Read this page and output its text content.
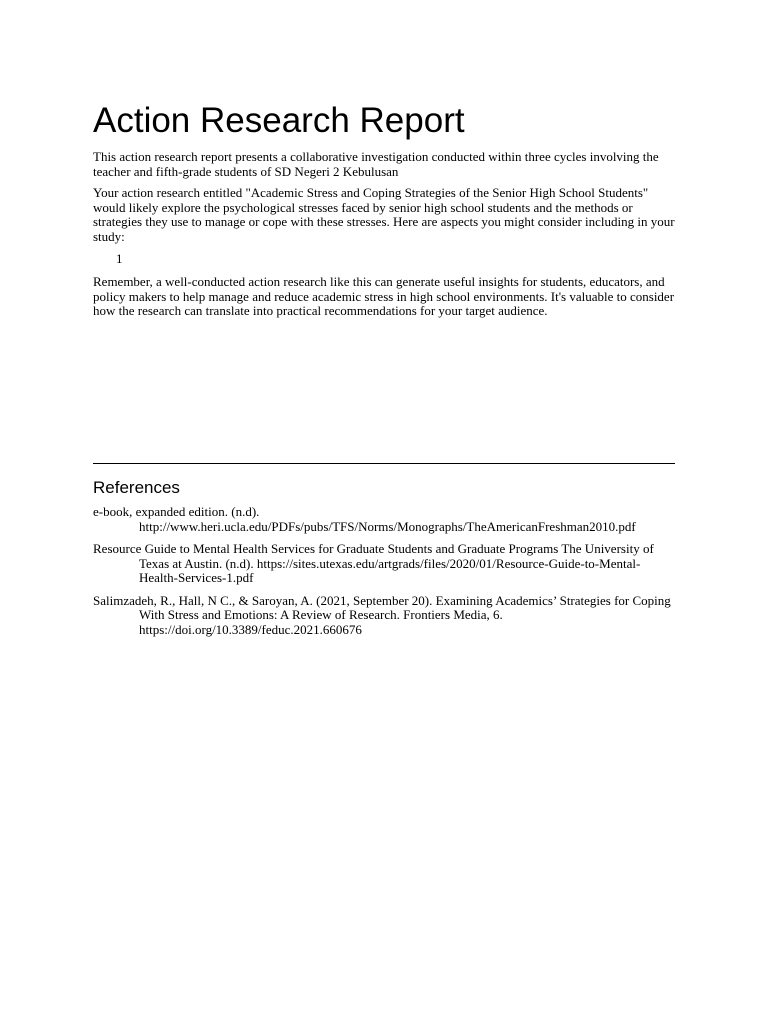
Action Research Report

This action research report presents a collaborative investigation conducted within three cycles involving the teacher and fifth-grade students of SD Negeri 2 Kebulusan

Your action research entitled "Academic Stress and Coping Strategies of the Senior High School Students" would likely explore the psychological stresses faced by senior high school students and the methods or strategies they use to manage or cope with these stresses. Here are aspects you might consider including in your study:

1

Remember, a well-conducted action research like this can generate useful insights for students, educators, and policy makers to help manage and reduce academic stress in high school environments. It's valuable to consider how the research can translate into practical recommendations for your target audience.

References
e-book, expanded edition. (n.d). http://www.heri.ucla.edu/PDFs/pubs/TFS/Norms/Monographs/TheAmericanFreshman2010.pdf
Resource Guide to Mental Health Services for Graduate Students and Graduate Programs The University of Texas at Austin. (n.d). https://sites.utexas.edu/artgrads/files/2020/01/Resource-Guide-to-Mental-Health-Services-1.pdf
Salimzadeh, R., Hall, N C., & Saroyan, A. (2021, September 20). Examining Academics’ Strategies for Coping With Stress and Emotions: A Review of Research. Frontiers Media, 6. https://doi.org/10.3389/feduc.2021.660676
